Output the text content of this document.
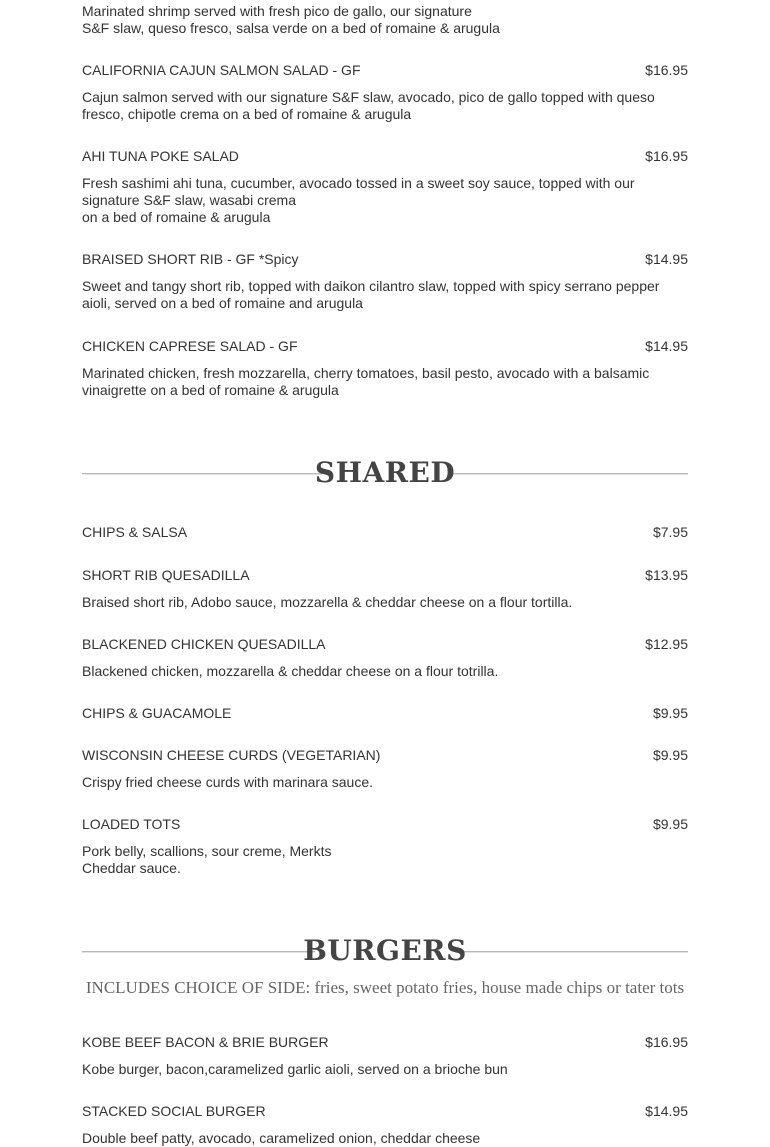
Marinated shrimp served with fresh pico de gallo, our signature
S&F slaw, queso fresco, salsa verde on a bed of romaine & arugula
CALIFORNIA CAJUN SALMON SALAD - GF	$16.95
Cajun salmon served with our signature S&F slaw, avocado, pico de gallo topped with queso
fresco, chipotle crema on a bed of romaine & arugula
AHI TUNA POKE SALAD	$16.95
Fresh sashimi ahi tuna, cucumber, avocado tossed in a sweet soy sauce, topped with our
signature S&F slaw, wasabi crema
on a bed of romaine & arugula
BRAISED SHORT RIB - GF *Spicy	$14.95
Sweet and tangy short rib, topped with daikon cilantro slaw, topped with spicy serrano pepper
aioli, served on a bed of romaine and arugula
CHICKEN CAPRESE SALAD - GF	$14.95
Marinated chicken, fresh mozzarella, cherry tomatoes, basil pesto, avocado with a balsamic
vinaigrette on a bed of romaine & arugula
SHARED
CHIPS & SALSA	$7.95
SHORT RIB QUESADILLA	$13.95
Braised short rib, Adobo sauce, mozzarella & cheddar cheese on a flour tortilla.
BLACKENED CHICKEN QUESADILLA	$12.95
Blackened chicken, mozzarella & cheddar cheese on a flour totrilla.
CHIPS & GUACAMOLE	$9.95
WISCONSIN CHEESE CURDS (VEGETARIAN)	$9.95
Crispy fried cheese curds with marinara sauce.
LOADED TOTS	$9.95
Pork belly, scallions, sour creme, Merkts
Cheddar sauce.
BURGERS
INCLUDES CHOICE OF SIDE: fries, sweet potato fries, house made chips or tater tots
KOBE BEEF BACON & BRIE BURGER	$16.95
Kobe burger, bacon,caramelized garlic aioli, served on a brioche bun
STACKED SOCIAL BURGER	$14.95
Double beef patty, avocado, caramelized onion, cheddar cheese
